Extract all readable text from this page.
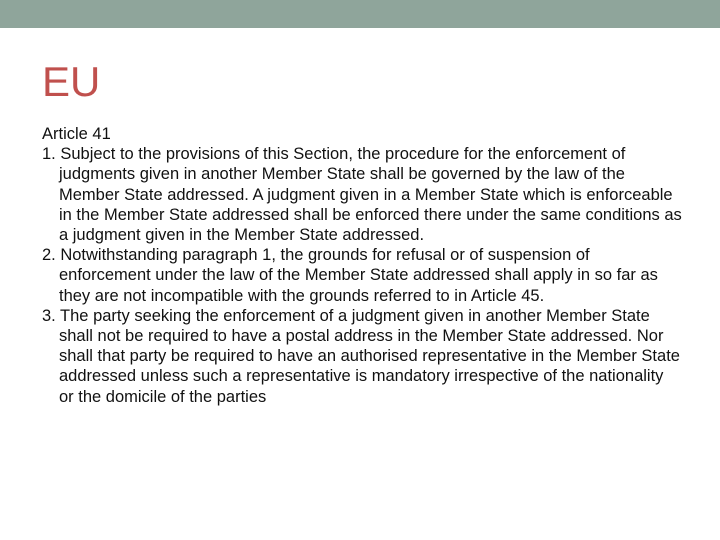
EU

Article 41

1. Subject to the provisions of this Section, the procedure for the enforcement of judgments given in another Member State shall be governed by the law of the Member State addressed. A judgment given in a Member State which is enforceable in the Member State addressed shall be enforced there under the same conditions as a judgment given in the Member State addressed.

2. Notwithstanding paragraph 1, the grounds for refusal or of suspension of enforcement under the law of the Member State addressed shall apply in so far as they are not incompatible with the grounds referred to in Article 45.

3. The party seeking the enforcement of a judgment given in another Member State shall not be required to have a postal address in the Member State addressed. Nor shall that party be required to have an authorised representative in the Member State addressed unless such a representative is mandatory irrespective of the nationality or the domicile of the parties
